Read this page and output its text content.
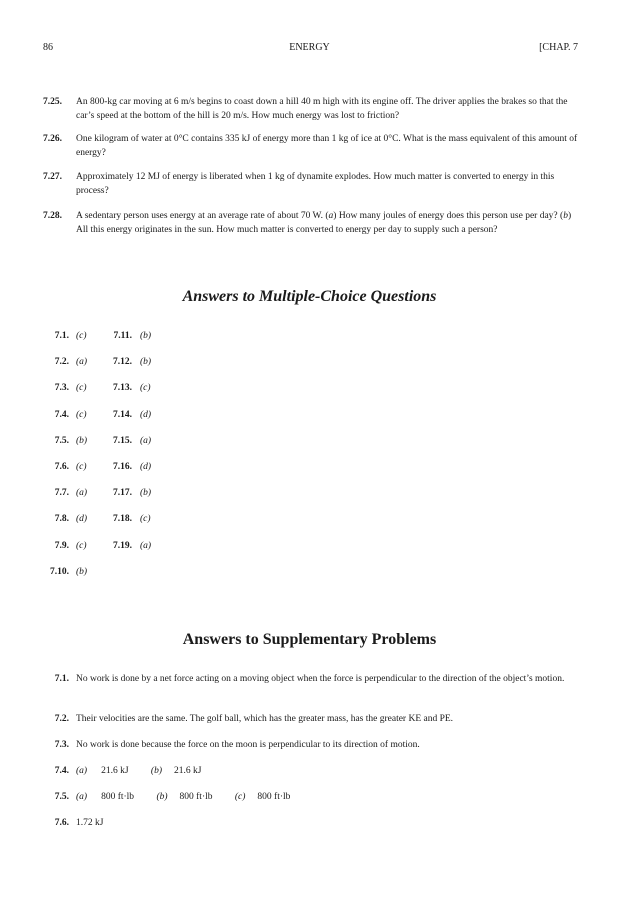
86	ENERGY	[CHAP. 7
7.25. An 800-kg car moving at 6 m/s begins to coast down a hill 40 m high with its engine off. The driver applies the brakes so that the car’s speed at the bottom of the hill is 20 m/s. How much energy was lost to friction?
7.26. One kilogram of water at 0°C contains 335 kJ of energy more than 1 kg of ice at 0°C. What is the mass equivalent of this amount of energy?
7.27. Approximately 12 MJ of energy is liberated when 1 kg of dynamite explodes. How much matter is converted to energy in this process?
7.28. A sedentary person uses energy at an average rate of about 70 W. (a) How many joules of energy does this person use per day? (b) All this energy originates in the sun. How much matter is converted to energy per day to supply such a person?
Answers to Multiple-Choice Questions
7.1. (c)
7.2. (a)
7.3. (c)
7.4. (c)
7.5. (b)
7.6. (c)
7.7. (a)
7.8. (d)
7.9. (c)
7.10. (b)
7.11. (b)
7.12. (b)
7.13. (c)
7.14. (d)
7.15. (a)
7.16. (d)
7.17. (b)
7.18. (c)
7.19. (a)
Answers to Supplementary Problems
7.1. No work is done by a net force acting on a moving object when the force is perpendicular to the direction of the object’s motion.
7.2. Their velocities are the same. The golf ball, which has the greater mass, has the greater KE and PE.
7.3. No work is done because the force on the moon is perpendicular to its direction of motion.
7.4. (a) 21.6 kJ (b) 21.6 kJ
7.5. (a) 800 ft·lb (b) 800 ft·lb (c) 800 ft·lb
7.6. 1.72 kJ
